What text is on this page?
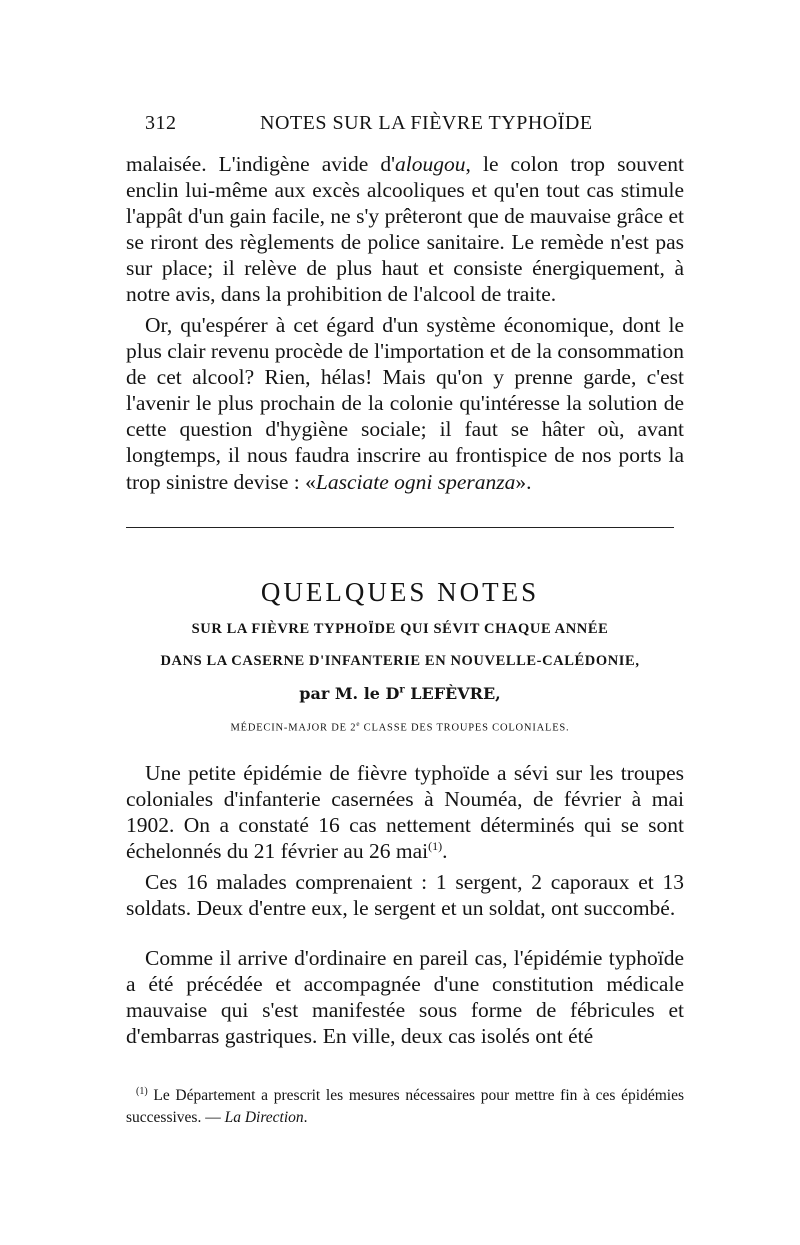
312	NOTES SUR LA FIÈVRE TYPHOÏDE

malaisée. L'indigène avide d'alougou, le colon trop souvent enclin lui-même aux excès alcooliques et qu'en tout cas stimule l'appât d'un gain facile, ne s'y prêteront que de mauvaise grâce et se riront des règlements de police sanitaire. Le remède n'est pas sur place; il relève de plus haut et consiste énergiquement, à notre avis, dans la prohibition de l'alcool de traite.

Or, qu'espérer à cet égard d'un système économique, dont le plus clair revenu procède de l'importation et de la consommation de cet alcool? Rien, hélas! Mais qu'on y prenne garde, c'est l'avenir le plus prochain de la colonie qu'intéresse la solution de cette question d'hygiène sociale; il faut se hâter où, avant longtemps, il nous faudra inscrire au frontispice de nos ports la trop sinistre devise : «Lasciate ogni speranza».

QUELQUES NOTES
SUR LA FIÈVRE TYPHOÏDE QUI SÉVIT CHAQUE ANNÉE
DANS LA CASERNE D'INFANTERIE EN NOUVELLE-CALÉDONIE,
par M. le $D^r$ LEFÈVRE,
MÉDECIN-MAJOR DE 2e CLASSE DES TROUPES COLONIALES.

Une petite épidémie de fièvre typhoïde a sévi sur les troupes coloniales d'infanterie casernées à Nouméa, de février à mai 1902. On a constaté 16 cas nettement déterminés qui se sont échelonnés du 21 février au 26 mai$^{(1)}$.

Ces 16 malades comprenaient : 1 sergent, 2 caporaux et 13 soldats. Deux d'entre eux, le sergent et un soldat, ont succombé.

Comme il arrive d'ordinaire en pareil cas, l'épidémie typhoïde a été précédée et accompagnée d'une constitution médicale mauvaise qui s'est manifestée sous forme de fébricules et d'embarras gastriques. En ville, deux cas isolés ont été

$^{(1)}$ Le Département a prescrit les mesures nécessaires pour mettre fin à ces épidémies successives. — La Direction.
